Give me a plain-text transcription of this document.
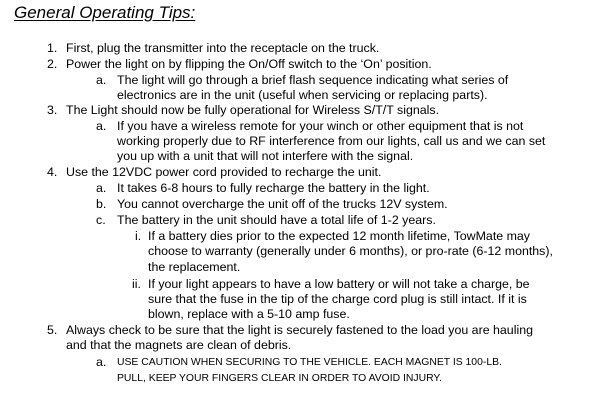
General Operating Tips:
1. First, plug the transmitter into the receptacle on the truck.
2. Power the light on by flipping the On/Off switch to the ‘On’ position.
a. The light will go through a brief flash sequence indicating what series of
electronics are in the unit (useful when servicing or replacing parts).
3. The Light should now be fully operational for Wireless S/T/T signals.
a. If you have a wireless remote for your winch or other equipment that is not
working properly due to RF interference from our lights, call us and we can set
you up with a unit that will not interfere with the signal.
4. Use the 12VDC power cord provided to recharge the unit.
a. It takes 6-8 hours to fully recharge the battery in the light.
b. You cannot overcharge the unit off of the trucks 12V system.
c. The battery in the unit should have a total life of 1-2 years.
i. If a battery dies prior to the expected 12 month lifetime, TowMate may
choose to warranty (generally under 6 months), or pro-rate (6-12 months),
the replacement.
ii. If your light appears to have a low battery or will not take a charge, be
sure that the fuse in the tip of the charge cord plug is still intact. If it is
blown, replace with a 5-10 amp fuse.
5. Always check to be sure that the light is securely fastened to the load you are hauling
and that the magnets are clean of debris.
a. USE CAUTION WHEN SECURING TO THE VEHICLE. EACH MAGNET IS 100-LB.
PULL, KEEP YOUR FINGERS CLEAR IN ORDER TO AVOID INJURY.
